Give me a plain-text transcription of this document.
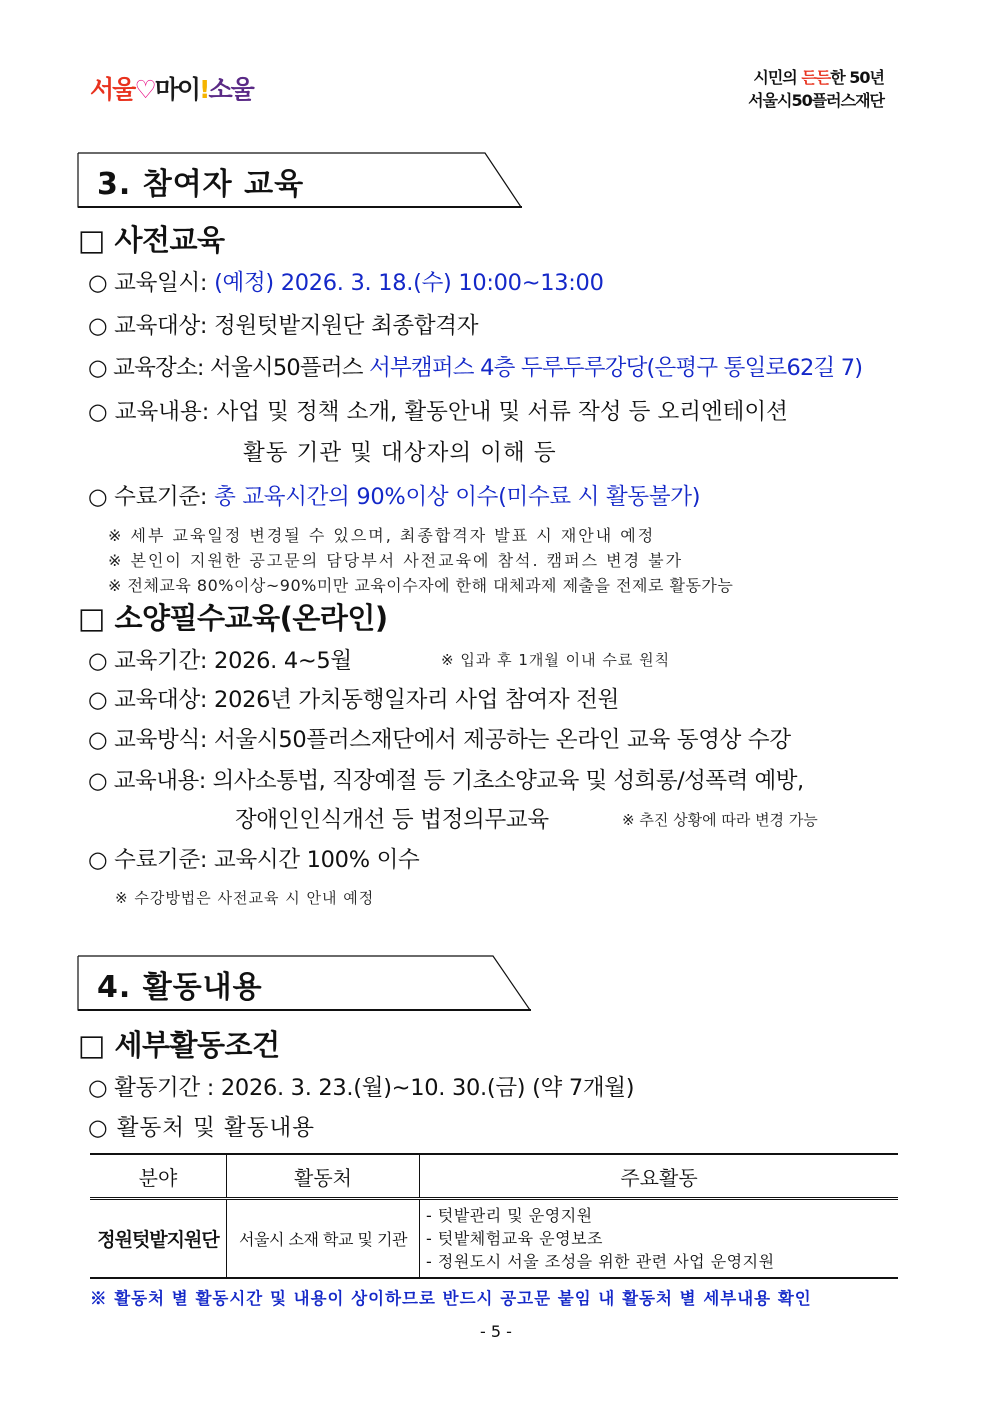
서울♡마이!소울	시민의 든든한 50년
서울시50플러스재단
3. 참여자 교육
□ 사전교육
○ 교육일시: (예정) 2026. 3. 18.(수) 10:00~13:00
○ 교육대상: 정원텃밭지원단 최종합격자
○ 교육장소: 서울시50플러스 서부캠퍼스 4층 두루두루강당(은평구 통일로62길 7)
○ 교육내용: 사업 및 정책 소개, 활동안내 및 서류 작성 등 오리엔테이션
활동 기관 및 대상자의 이해 등
○ 수료기준: 총 교육시간의 90%이상 이수(미수료 시 활동불가)
※ 세부 교육일정 변경될 수 있으며, 최종합격자 발표 시 재안내 예정
※ 본인이 지원한 공고문의 담당부서 사전교육에 참석. 캠퍼스 변경 불가
※ 전체교육 80%이상~90%미만 교육이수자에 한해 대체과제 제출을 전제로 활동가능
□ 소양필수교육(온라인)
○ 교육기간: 2026. 4~5월	※ 입과 후 1개월 이내 수료 원칙
○ 교육대상: 2026년 가치동행일자리 사업 참여자 전원
○ 교육방식: 서울시50플러스재단에서 제공하는 온라인 교육 동영상 수강
○ 교육내용: 의사소통법, 직장예절 등 기초소양교육 및 성희롱/성폭력 예방,
장애인인식개선 등 법정의무교육	※ 추진 상황에 따라 변경 가능
○ 수료기준: 교육시간 100% 이수
※ 수강방법은 사전교육 시 안내 예정
4. 활동내용
□ 세부활동조건
○ 활동기간 : 2026. 3. 23.(월)~10. 30.(금) (약 7개월)
○ 활동처 및 활동내용
분야	활동처	주요활동
정원텃밭지원단	서울시 소재 학교 및 기관	- 텃밭관리 및 운영지원
- 텃밭체험교육 운영보조
- 정원도시 서울 조성을 위한 관련 사업 운영지원
※ 활동처 별 활동시간 및 내용이 상이하므로 반드시 공고문 붙임 내 활동처 별 세부내용 확인
- 5 -
